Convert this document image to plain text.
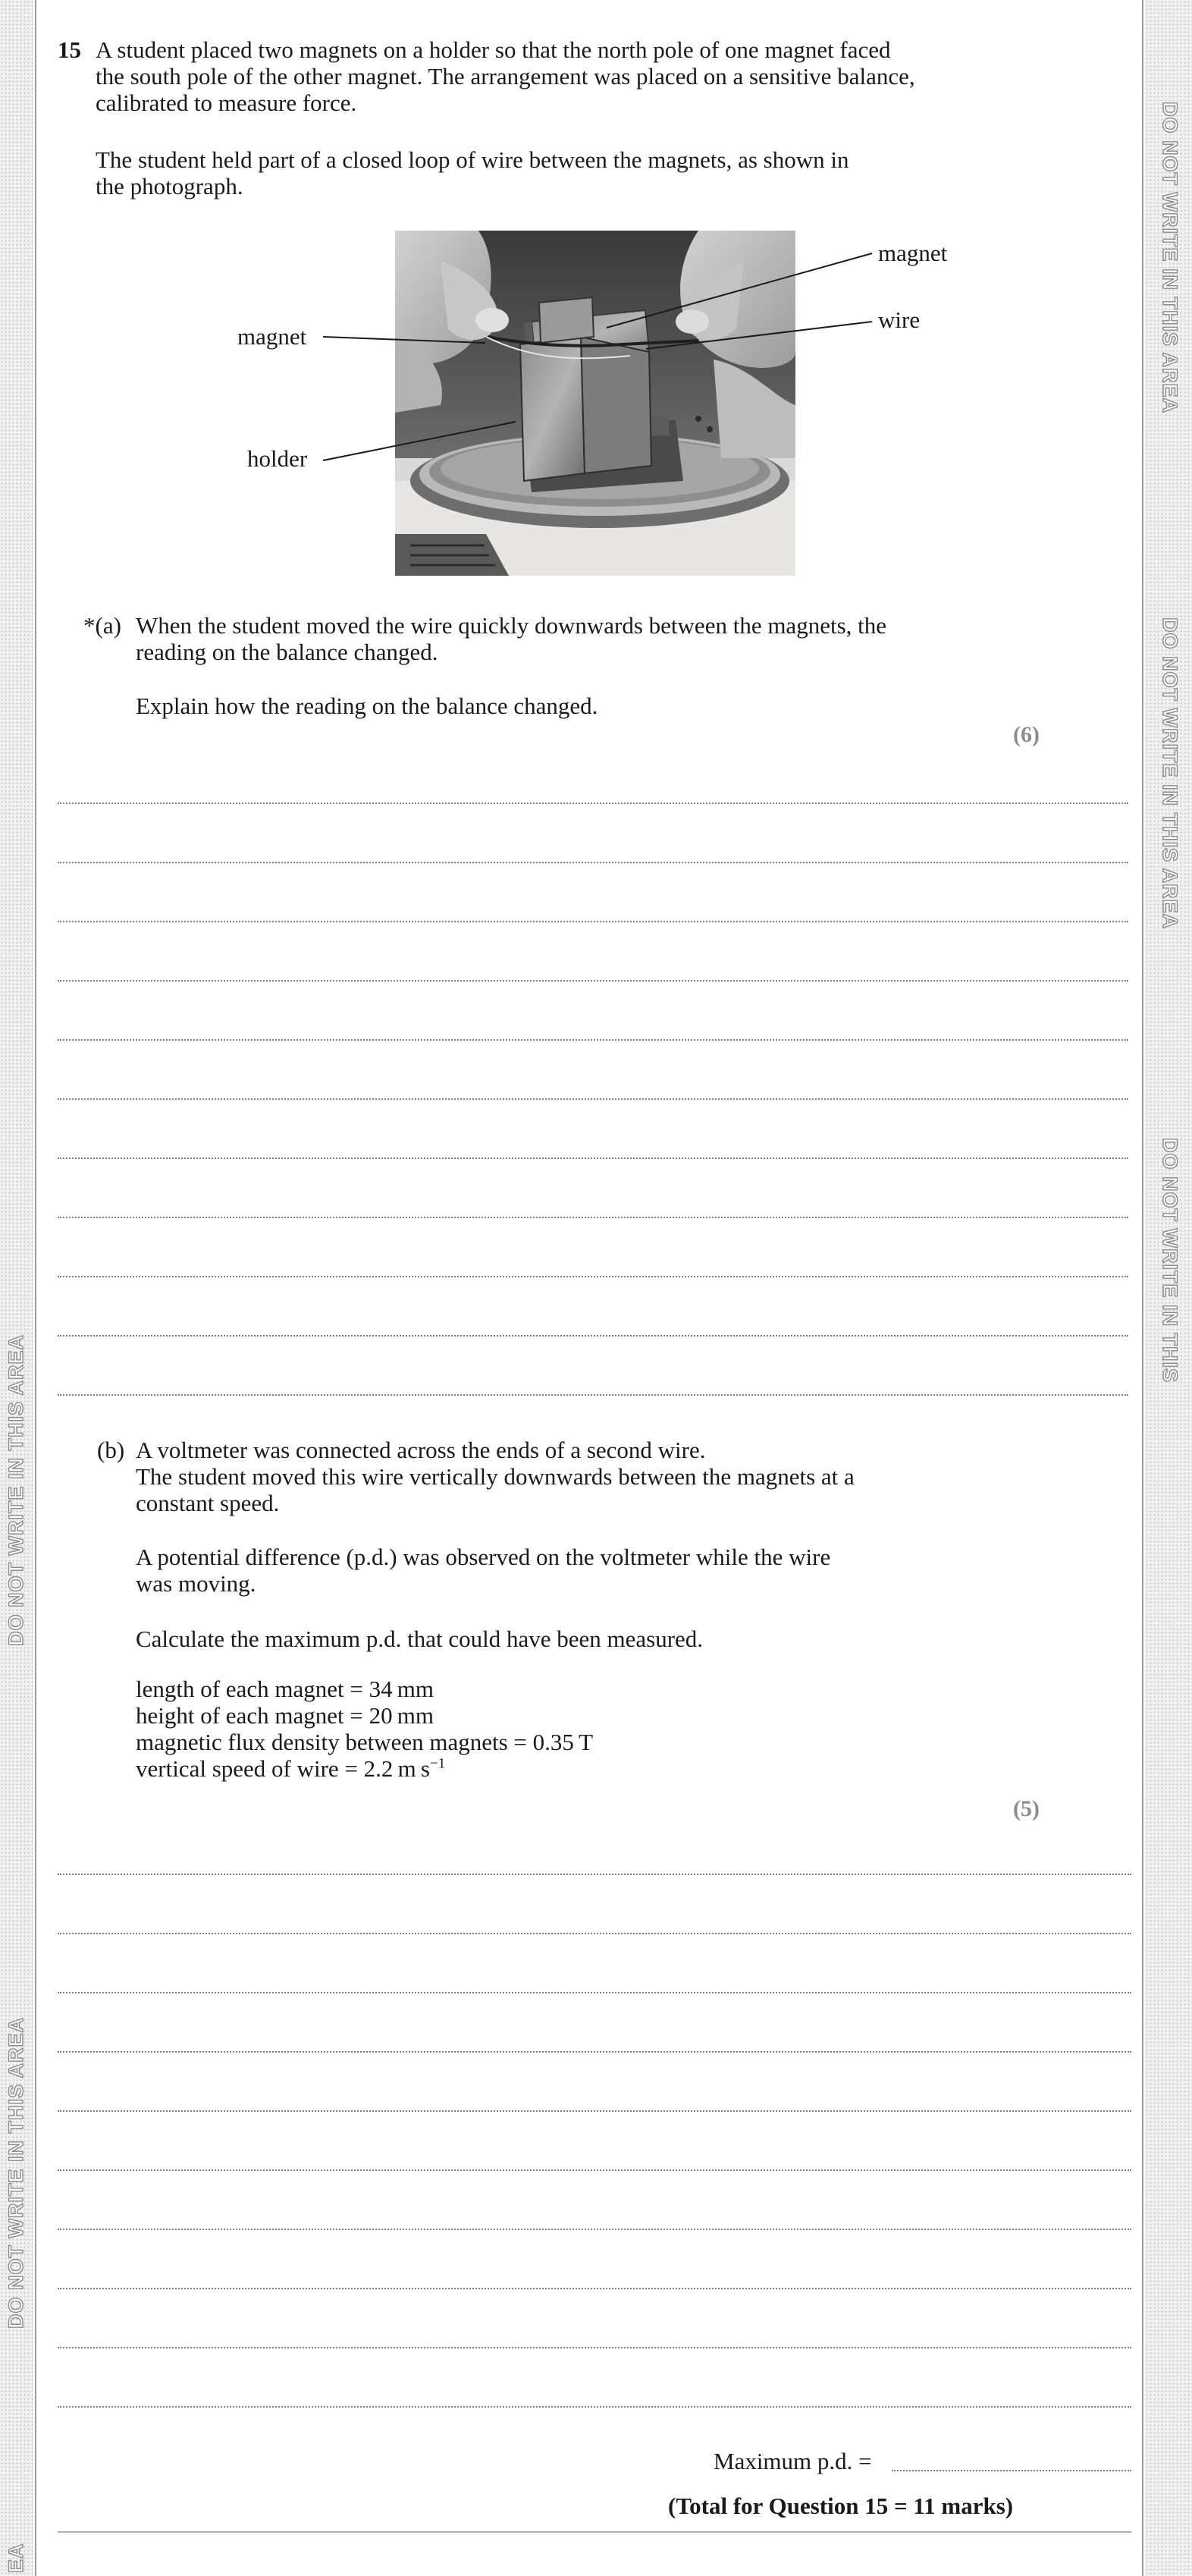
DO NOT WRITE IN THIS AREA
DO NOT WRITE IN THIS AREA
EA
DO NOT WRITE IN THIS AREA
DO NOT WRITE IN THIS AREA
DO NOT WRITE IN THIS
15 A student placed two magnets on a holder so that the north pole of one magnet faced
the south pole of the other magnet. The arrangement was placed on a sensitive balance,
calibrated to measure force.
The student held part of a closed loop of wire between the magnets, as shown in
the photograph.
magnet
wire
magnet
holder
*(a) When the student moved the wire quickly downwards between the magnets, the
reading on the balance changed.
Explain how the reading on the balance changed.
(6)
(b) A voltmeter was connected across the ends of a second wire.
The student moved this wire vertically downwards between the magnets at a
constant speed.
A potential difference (p.d.) was observed on the voltmeter while the wire
was moving.
Calculate the maximum p.d. that could have been measured.
length of each magnet = 34 mm
height of each magnet = 20 mm
magnetic flux density between magnets = 0.35 T
vertical speed of wire = 2.2 m $s^{-1}$
(5)
Maximum p.d. =
(Total for Question 15 = 11 marks)
